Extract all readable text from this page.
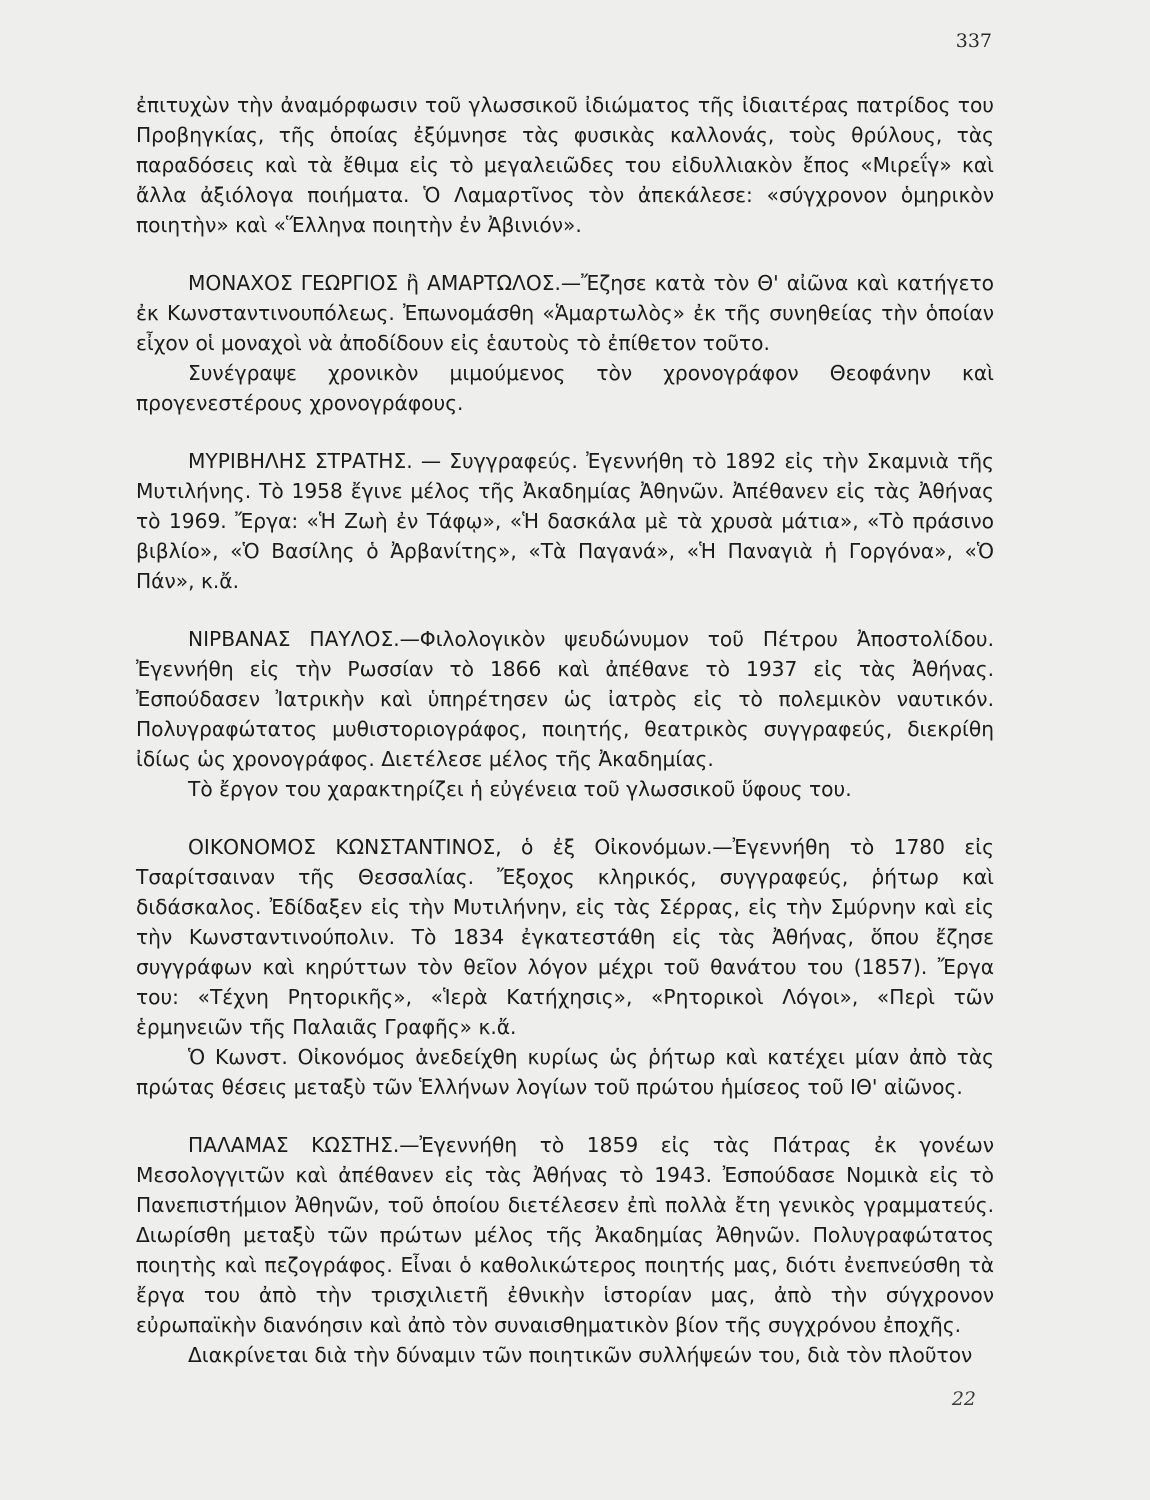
337

ἐπιτυχὼν τὴν ἀναμόρφωσιν τοῦ γλωσσικοῦ ἰδιώματος τῆς ἰδιαιτέρας πατρίδος του Προβηγκίας, τῆς ὁποίας ἐξύμνησε τὰς φυσικὰς καλλονάς, τοὺς θρύλους, τὰς παραδόσεις καὶ τὰ ἔθιμα εἰς τὸ μεγαλειῶδες του εἰδυλλιακὸν ἔπος «Μιρεΐγ» καὶ ἄλλα ἀξιόλογα ποιήματα. Ὁ Λαμαρτῖνος τὸν ἀπεκάλεσε: «σύγχρονον ὁμηρικὸν ποιητὴν» καὶ «Ἕλληνα ποιητὴν ἐν Ἀβινιόν».

ΜΟΝΑΧΟΣ ΓΕΩΡΓΙΟΣ ἢ ΑΜΑΡΤΩΛΟΣ.—Ἔζησε κατὰ τὸν Θ' αἰῶνα καὶ κατήγετο ἐκ Κωνσταντινουπόλεως. Ἐπωνομάσθη «Ἁμαρτωλὸς» ἐκ τῆς συνηθείας τὴν ὁποίαν εἶχον οἱ μοναχοὶ νὰ ἀποδίδουν εἰς ἑαυτοὺς τὸ ἐπίθετον τοῦτο.

Συνέγραψε χρονικὸν μιμούμενος τὸν χρονογράφον Θεοφάνην καὶ προγενεστέρους χρονογράφους.

ΜΥΡΙΒΗΛΗΣ ΣΤΡΑΤΗΣ. — Συγγραφεύς. Ἐγεννήθη τὸ 1892 εἰς τὴν Σκαμνιὰ τῆς Μυτιλήνης. Τὸ 1958 ἔγινε μέλος τῆς Ἀκαδημίας Ἀθηνῶν. Ἀπέθανεν εἰς τὰς Ἀθήνας τὸ 1969. Ἔργα: «Ἡ Ζωὴ ἐν Τάφῳ», «Ἡ δασκάλα μὲ τὰ χρυσὰ μάτια», «Τὸ πράσινο βιβλίο», «Ὁ Βασίλης ὁ Ἀρβανίτης», «Τὰ Παγανά», «Ἡ Παναγιὰ ἡ Γοργόνα», «Ὁ Πάν», κ.ἄ.

ΝΙΡΒΑΝΑΣ ΠΑΥΛΟΣ.—Φιλολογικὸν ψευδώνυμον τοῦ Πέτρου Ἀποστολίδου. Ἐγεννήθη εἰς τὴν Ρωσσίαν τὸ 1866 καὶ ἀπέθανε τὸ 1937 εἰς τὰς Ἀθήνας. Ἐσπούδασεν Ἰατρικὴν καὶ ὑπηρέτησεν ὡς ἰατρὸς εἰς τὸ πολεμικὸν ναυτικόν. Πολυγραφώτατος μυθιστοριογράφος, ποιητής, θεατρικὸς συγγραφεύς, διεκρίθη ἰδίως ὡς χρονογράφος. Διετέλεσε μέλος τῆς Ἀκαδημίας.

Τὸ ἔργον του χαρακτηρίζει ἡ εὐγένεια τοῦ γλωσσικοῦ ὕφους του.

ΟΙΚΟΝΟΜΟΣ ΚΩΝΣΤΑΝΤΙΝΟΣ, ὁ ἐξ Οἰκονόμων.—Ἐγεννήθη τὸ 1780 εἰς Τσαρίτσαιναν τῆς Θεσσαλίας. Ἔξοχος κληρικός, συγγραφεύς, ῥήτωρ καὶ διδάσκαλος. Ἐδίδαξεν εἰς τὴν Μυτιλήνην, εἰς τὰς Σέρρας, εἰς τὴν Σμύρνην καὶ εἰς τὴν Κωνσταντινούπολιν. Τὸ 1834 ἐγκατεστάθη εἰς τὰς Ἀθήνας, ὅπου ἔζησε συγγράφων καὶ κηρύττων τὸν θεῖον λόγον μέχρι τοῦ θανάτου του (1857). Ἔργα του: «Τέχνη Ρητορικῆς», «Ἱερὰ Κατήχησις», «Ρητορικοὶ Λόγοι», «Περὶ τῶν ἑρμηνειῶν τῆς Παλαιᾶς Γραφῆς» κ.ἄ.

Ὁ Κωνστ. Οἰκονόμος ἀνεδείχθη κυρίως ὡς ῥήτωρ καὶ κατέχει μίαν ἀπὸ τὰς πρώτας θέσεις μεταξὺ τῶν Ἑλλήνων λογίων τοῦ πρώτου ἡμίσεος τοῦ ΙΘ' αἰῶνος.

ΠΑΛΑΜΑΣ ΚΩΣΤΗΣ.—Ἐγεννήθη τὸ 1859 εἰς τὰς Πάτρας ἐκ γονέων Μεσολογγιτῶν καὶ ἀπέθανεν εἰς τὰς Ἀθήνας τὸ 1943. Ἐσπούδασε Νομικὰ εἰς τὸ Πανεπιστήμιον Ἀθηνῶν, τοῦ ὁποίου διετέλεσεν ἐπὶ πολλὰ ἔτη γενικὸς γραμματεύς. Διωρίσθη μεταξὺ τῶν πρώτων μέλος τῆς Ἀκαδημίας Ἀθηνῶν. Πολυγραφώτατος ποιητὴς καὶ πεζογράφος. Εἶναι ὁ καθολικώτερος ποιητής μας, διότι ἐνεπνεύσθη τὰ ἔργα του ἀπὸ τὴν τρισχιλιετῆ ἐθνικὴν ἱστορίαν μας, ἀπὸ τὴν σύγχρονον εὐρωπαϊκὴν διανόησιν καὶ ἀπὸ τὸν συναισθηματικὸν βίον τῆς συγχρόνου ἐποχῆς.

Διακρίνεται διὰ τὴν δύναμιν τῶν ποιητικῶν συλλήψεών του, διὰ τὸν πλοῦτον

22
